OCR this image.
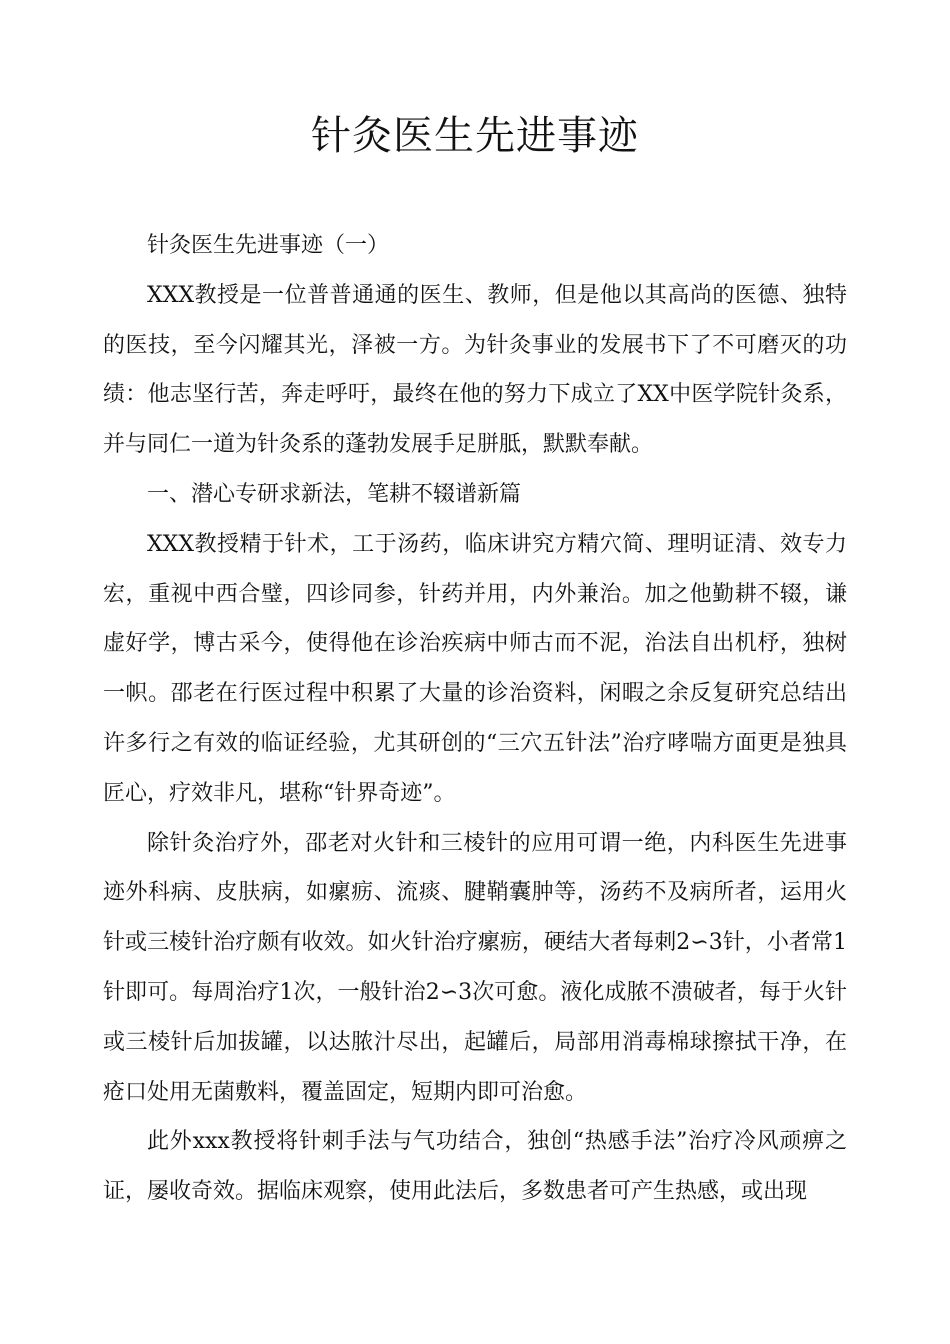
针灸医生先进事迹

针灸医生先进事迹（一）

XXX教授是一位普普通通的医生、教师，但是他以其高尚的医德、独特的医技，至今闪耀其光，泽被一方。为针灸事业的发展书下了不可磨灭的功绩：他志坚行苦，奔走呼吁，最终在他的努力下成立了XX中医学院针灸系，并与同仁一道为针灸系的蓬勃发展手足胼胝，默默奉献。

一、潜心专研求新法，笔耕不辍谱新篇

XXX教授精于针术，工于汤药，临床讲究方精穴简、理明证清、效专力宏，重视中西合璧，四诊同参，针药并用，内外兼治。加之他勤耕不辍，谦虚好学，博古采今，使得他在诊治疾病中师古而不泥，治法自出机杼，独树一帜。邵老在行医过程中积累了大量的诊治资料，闲暇之余反复研究总结出许多行之有效的临证经验，尤其研创的“三穴五针法”治疗哮喘方面更是独具匠心，疗效非凡，堪称“针界奇迹”。

除针灸治疗外，邵老对火针和三棱针的应用可谓一绝，内科医生先进事迹外科病、皮肤病，如瘰疬、流痰、腱鞘囊肿等，汤药不及病所者，运用火针或三棱针治疗颇有收效。如火针治疗瘰疬，硬结大者每刺2∽3针，小者常1针即可。每周治疗1次，一般针治2∽3次可愈。液化成脓不溃破者，每于火针或三棱针后加拔罐，以达脓汁尽出，起罐后，局部用消毒棉球擦拭干净，在疮口处用无菌敷料，覆盖固定，短期内即可治愈。

此外xxx教授将针刺手法与气功结合，独创“热感手法”治疗冷风顽痹之证，屡收奇效。据临床观察，使用此法后，多数患者可产生热感，或出现
